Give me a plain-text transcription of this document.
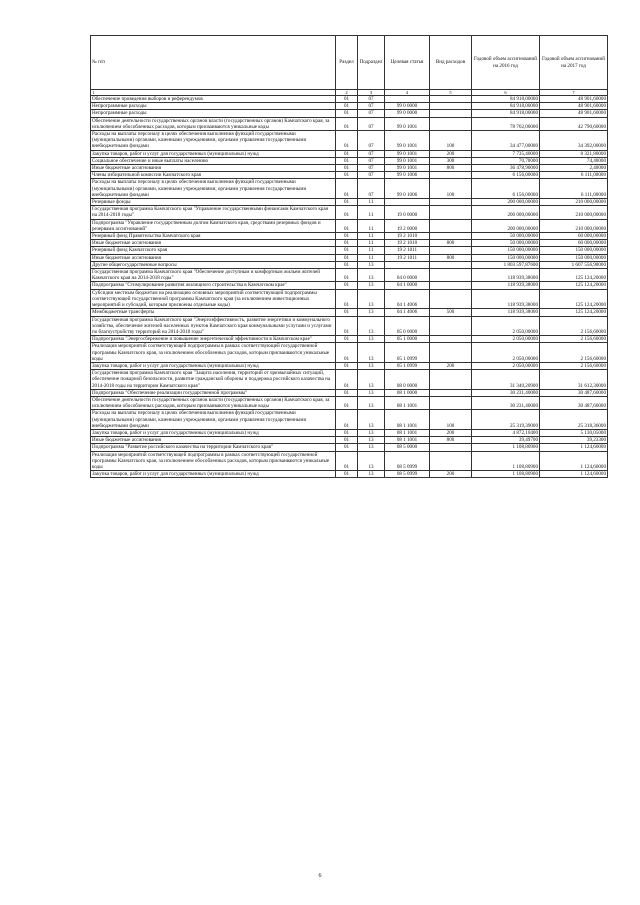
№ п/п	Раздел	Подраздел	Целевая статья	Вид расходов	Годовой объем ассигнований на 2016 год	Годовой объем ассигнований на 2017 год
1	2	3	4	5	6	7
Обеспечение проведения выборов и референдумов	01	07			84 918,00000	48 901,60000
Непрограммные расходы	01	07	99 0 0000		84 918,00000	48 901,60000
Непрограммные расходы	01	07	99 0 0000		84 918,00000	48 901,60000
Обеспечение деятельности государственных органов власти (государственных органов) Камчатского края, за исключением обособленных расходов, которым присваиваются уникальные коды	01	07	99 0 1001		78 762,00000	42 790,60000
Расходы на выплаты персоналу в целях обеспечения выполнения функций государственными (муниципальными) органами, казенными учреждениями, органами управления государственными внебюджетными фондами	01	07	99 0 1001	100	34 477,00000	34 392,00000
Закупка товаров, работ и услуг для государственных (муниципальных) нужд	01	07	99 0 1001	200	7 735,40000	8 321,80000
Социальное обеспечение и иные выплаты населению	01	07	99 0 1001	300	70,70000	74,40000
Иные бюджетные ассигнования	01	07	99 0 1001	800	36 478,90000	2,40000
Члены избирательной комиссии Камчатского края	01	07	99 0 1006		6 156,00000	6 111,00000
Расходы на выплаты персоналу в целях обеспечения выполнения функций государственными (муниципальными) органами, казенными учреждениями, органами управления государственными внебюджетными фондами	01	07	99 0 1006	100	6 156,00000	6 111,00000
Резервные фонды	01	11			200 000,00000	210 000,00000
Государственная программа Камчатского края "Управление государственными финансами Камчатского края на 2014-2018 годы"	01	11	19 0 0000		200 000,00000	210 000,00000
Подпрограмма "Управление государственным долгом Камчатского края, средствами резервных фондов и резервами ассигнований"	01	11	19 2 0000		200 000,00000	210 000,00000
Резервный фонд Правительства Камчатского края	01	11	19 2 1010		50 000,00000	60 000,00000
Иные бюджетные ассигнования	01	11	19 2 1010	800	50 000,00000	60 000,00000
Резервный фонд Камчатского края	01	11	19 2 1011		150 000,00000	150 000,00000
Иные бюджетные ассигнования	01	11	19 2 1011	800	150 000,00000	150 000,00000
Другие общегосударственные вопросы	01	13			1 803 597,87600	1 607 556,90000
Государственная программа Камчатского края "Обеспечение доступным и комфортным жильем жителей Камчатского края на 2014-2018 годы"	01	13	04 0 0000		118 939,38000	125 124,20000
Подпрограмма "Стимулирование развития жилищного строительства в Камчатском крае"	01	13	04 1 0000		118 939,38000	125 124,20000
Субсидии местным бюджетам на реализацию основных мероприятий соответствующей подпрограммы соответствующей государственной программы Камчатского края (за исключением инвестиционных мероприятий и субсидий, которым присвоены отдельные коды)	01	13	04 1 4006		118 939,38000	125 124,20000
Межбюджетные трансферты	01	13	04 1 4006	500	118 939,38000	125 124,20000
Государственная программа Камчатского края "Энергоэффективность, развитие энергетики и коммунального хозяйства, обеспечение жителей населенных пунктов Камчатского края коммунальными услугами и услугами по благоустройству территорий на 2014-2018 годы"	01	13	05 0 0000		2 050,00000	2 156,60000
Подпрограмма "Энергосбережение и повышение энергетической эффективности в Камчатском крае"	01	13	05 1 0000		2 050,00000	2 156,60000
Реализация мероприятий соответствующей подпрограммы в рамках соответствующей государственной программы Камчатского края, за исключением обособленных расходов, которым присваиваются уникальные коды	01	13	05 1 0999		2 050,00000	2 156,60000
Закупка товаров, работ и услуг для государственных (муниципальных) нужд	01	13	05 1 0999	200	2 050,00000	2 156,60000
Государственная программа Камчатского края "Защита населения, территорий от чрезвычайных ситуаций, обеспечение пожарной безопасности, развитие гражданской обороны и поддержка российского казачества на 2014-2018 годы на территории Камчатского края"	01	13	08 0 0000		31 340,20900	31 612,30000
Подпрограмма "Обеспечение реализации государственной программы"	01	13	08 1 0000		30 231,40000	30 487,60000
Обеспечение деятельности государственных органов власти (государственных органов) Камчатского края, за исключением обособленных расходов, которым присваиваются уникальные коды	01	13	08 1 1001		30 231,40000	30 487,60000
Расходы на выплаты персоналу в целях обеспечения выполнения функций государственными (муниципальными) органами, казенными учреждениями, органами управления государственными внебюджетными фондами	01	13	08 1 1001	100	25 319,39000	25 318,36000
Закупка товаров, работ и услуг для государственных (муниципальных) нужд	01	13	08 1 1001	200	4 872,10400	5 130,05000
Иные бюджетные ассигнования	01	13	08 1 1001	800	39,49700	39,23300
Подпрограмма "Развитие российского казачества на территории Камчатского края"	01	13	08 5 0000		1 108,80900	1 124,60000
Реализация мероприятий соответствующей подпрограммы в рамках соответствующей государственной программы Камчатского края, за исключением обособленных расходов, которым присваиваются уникальные коды	01	13	08 5 0999		1 108,80900	1 124,60000
Закупка товаров, работ и услуг для государственных (муниципальных) нужд	01	13	08 5 0999	200	1 108,80900	1 124,60000
6
